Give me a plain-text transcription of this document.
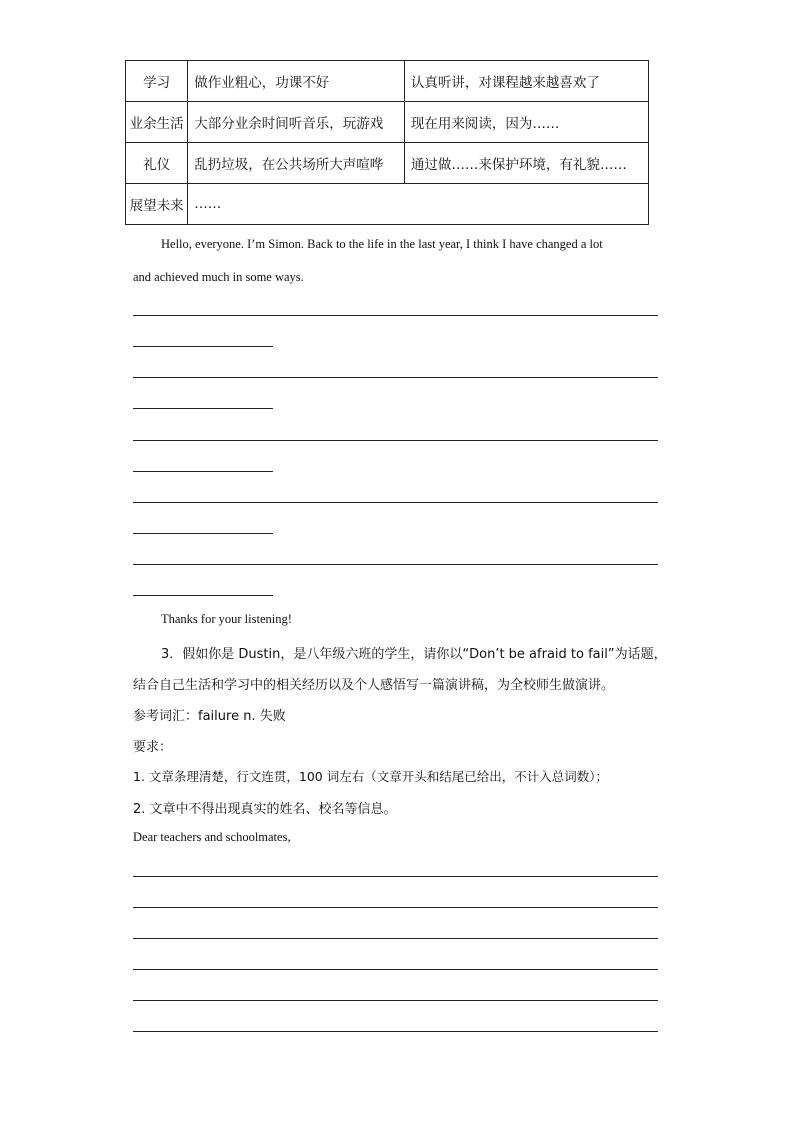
学习	做作业粗心，功课不好	认真听讲，对课程越来越喜欢了
业余生活	大部分业余时间听音乐，玩游戏	现在用来阅读，因为……
礼仪	乱扔垃圾，在公共场所大声喧哗	通过做……来保护环境，有礼貌……
展望未来	……	
Hello, everyone. I’m Simon. Back to the life in the last year, I think I have changed a lot
and achieved much in some ways.
Thanks for your listening!
3．假如你是 Dustin，是八年级六班的学生，请你以“Don’t be afraid to fail”为话题，
结合自己生活和学习中的相关经历以及个人感悟写一篇演讲稿，为全校师生做演讲。
参考词汇：failure n. 失败
要求：
1. 文章条理清楚，行文连贯，100 词左右（文章开头和结尾已给出，不计入总词数）；
2. 文章中不得出现真实的姓名、校名等信息。
Dear teachers and schoolmates,
